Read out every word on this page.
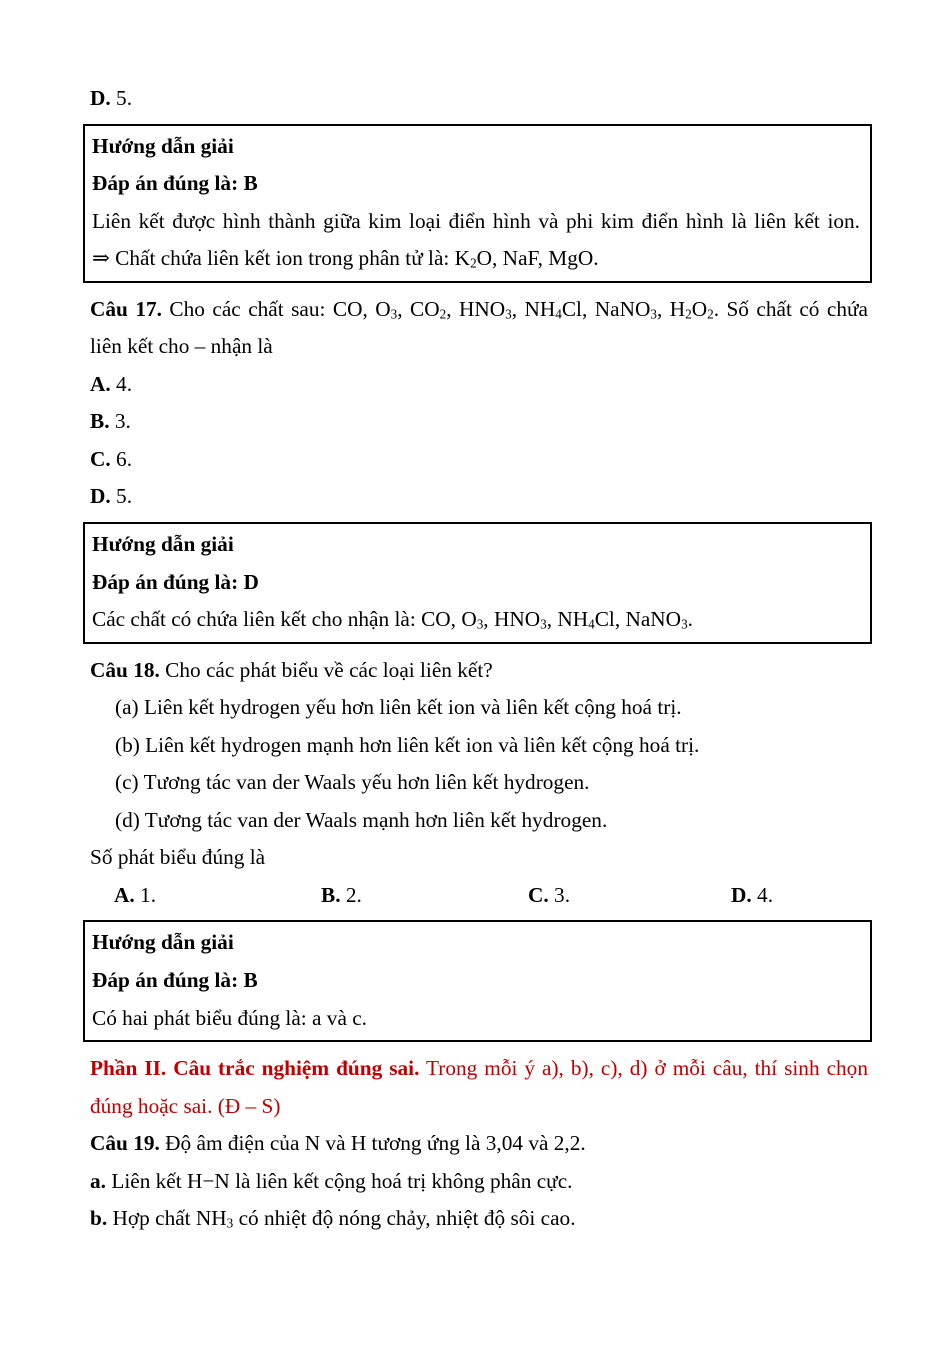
D. 5.
Hướng dẫn giải
Đáp án đúng là: B
Liên kết được hình thành giữa kim loại điển hình và phi kim điển hình là liên kết ion.
⇒ Chất chứa liên kết ion trong phân tử là: $K_2O$, NaF, MgO.
Câu 17. Cho các chất sau: CO, $O_3$, $CO_2$, $HNO_3$, $NH_4Cl$, NaNO$_3$, $H_2O_2$. Số chất có chứa
liên kết cho – nhận là
A. 4.
B. 3.
C. 6.
D. 5.
Hướng dẫn giải
Đáp án đúng là: D
Các chất có chứa liên kết cho nhận là: CO, $O_3$, $HNO_3$, $NH_4Cl$, NaNO$_3$.
Câu 18. Cho các phát biểu về các loại liên kết?
(a) Liên kết hydrogen yếu hơn liên kết ion và liên kết cộng hoá trị.
(b) Liên kết hydrogen mạnh hơn liên kết ion và liên kết cộng hoá trị.
(c) Tương tác van der Waals yếu hơn liên kết hydrogen.
(d) Tương tác van der Waals mạnh hơn liên kết hydrogen.
Số phát biểu đúng là
A. 1.	B. 2.	C. 3.	D. 4.
Hướng dẫn giải
Đáp án đúng là: B
Có hai phát biểu đúng là: a và c.
Phần II. Câu trắc nghiệm đúng sai. Trong mỗi ý a), b), c), d) ở mỗi câu, thí sinh chọn
đúng hoặc sai. (Đ – S)
Câu 19. Độ âm điện của N và H tương ứng là 3,04 và 2,2.
a. Liên kết H−N là liên kết cộng hoá trị không phân cực.
b. Hợp chất $NH_3$ có nhiệt độ nóng chảy, nhiệt độ sôi cao.
